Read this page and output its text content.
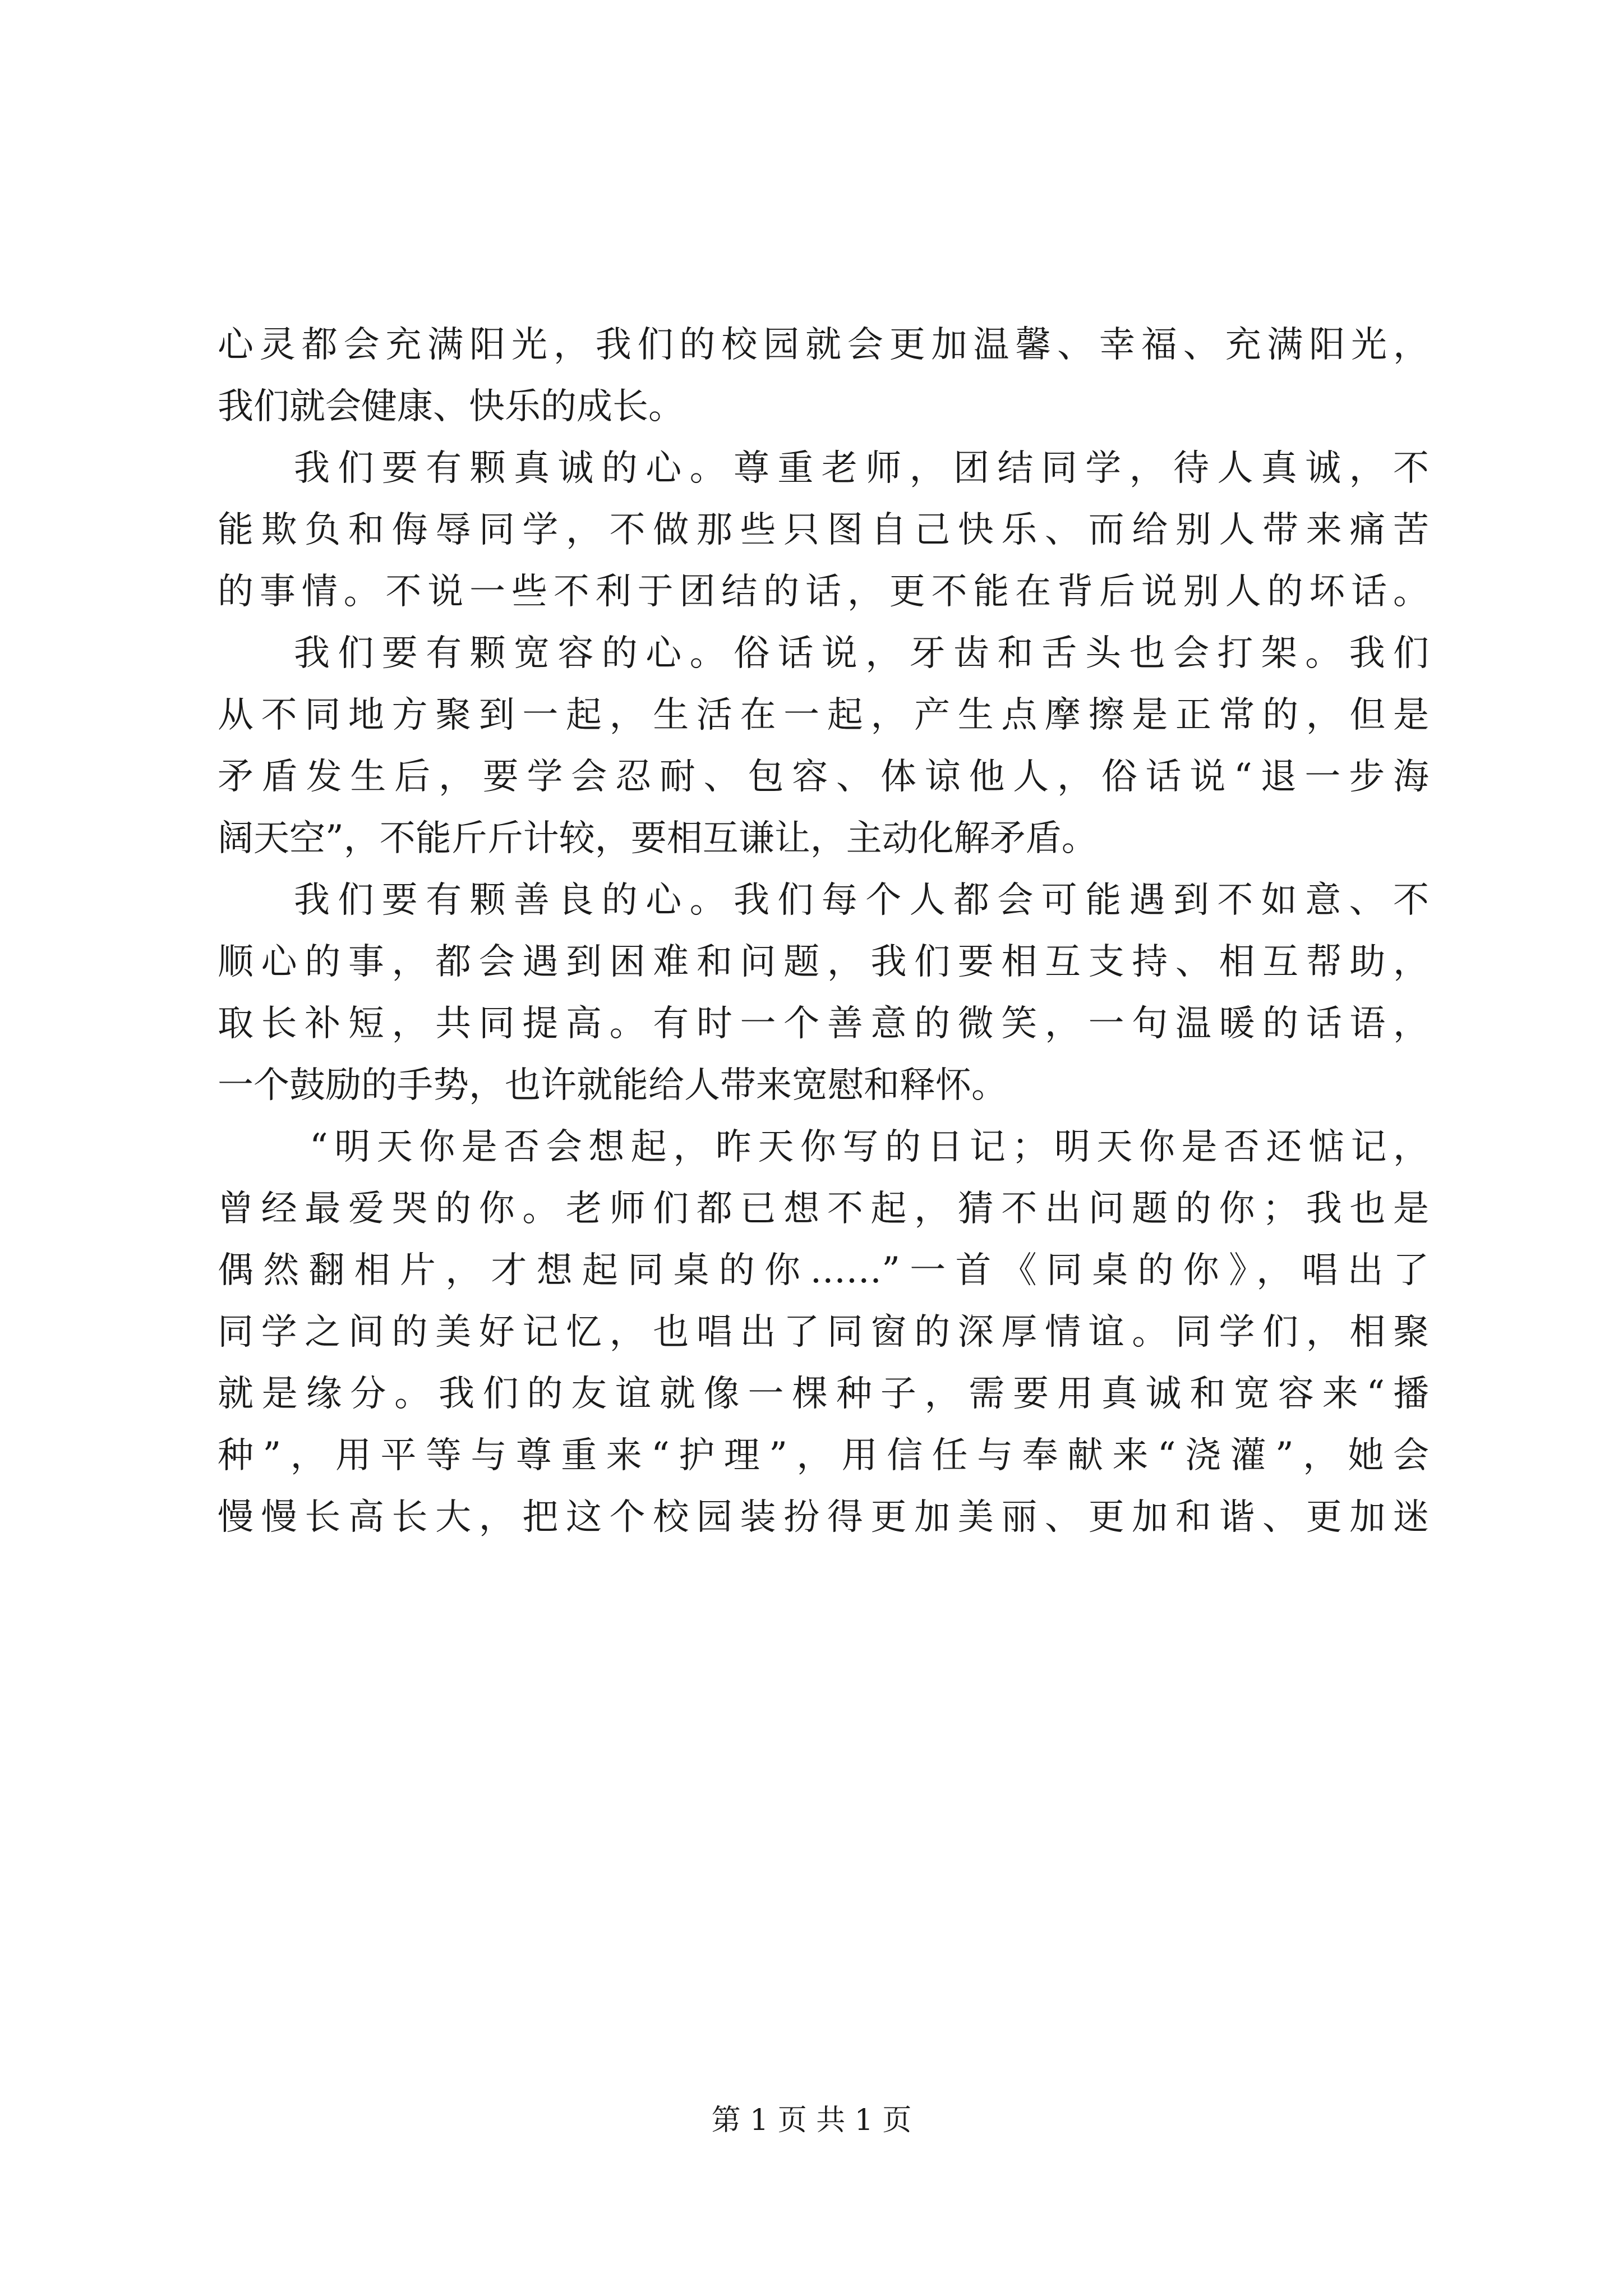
心灵都会充满阳光，我们的校园就会更加温馨、幸福、充满阳光，
我们就会健康、快乐的成长。
我们要有颗真诚的心。尊重老师，团结同学，待人真诚，不
能欺负和侮辱同学，不做那些只图自己快乐、而给别人带来痛苦
的事情。不说一些不利于团结的话，更不能在背后说别人的坏话。
我们要有颗宽容的心。俗话说，牙齿和舌头也会打架。我们
从不同地方聚到一起，生活在一起，产生点摩擦是正常的，但是
矛盾发生后，要学会忍耐、包容、体谅他人，俗话说“退一步海
阔天空”，不能斤斤计较，要相互谦让，主动化解矛盾。
我们要有颗善良的心。我们每个人都会可能遇到不如意、不
顺心的事，都会遇到困难和问题，我们要相互支持、相互帮助，
取长补短，共同提高。有时一个善意的微笑，一句温暖的话语，
一个鼓励的手势，也许就能给人带来宽慰和释怀。
“明天你是否会想起，昨天你写的日记；明天你是否还惦记，
曾经最爱哭的你。老师们都已想不起，猜不出问题的你；我也是
偶然翻相片，才想起同桌的你……”一首《同桌的你》，唱出了
同学之间的美好记忆，也唱出了同窗的深厚情谊。同学们，相聚
就是缘分。我们的友谊就像一棵种子，需要用真诚和宽容来“播
种”，用平等与尊重来“护理”，用信任与奉献来“浇灌”，她会
慢慢长高长大，把这个校园装扮得更加美丽、更加和谐、更加迷
第 1 页 共 1 页
